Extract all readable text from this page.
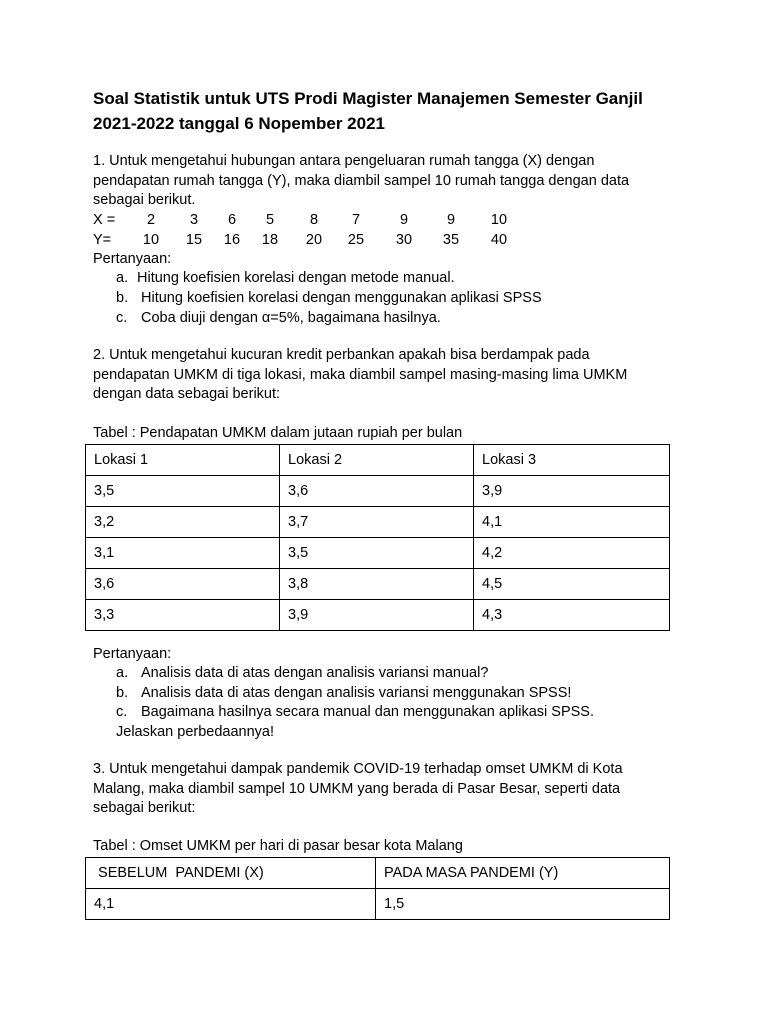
Soal Statistik untuk UTS Prodi Magister Manajemen Semester Ganjil
2021-2022 tanggal 6 Nopember 2021
1. Untuk mengetahui hubungan antara pengeluaran rumah tangga (X) dengan
pendapatan rumah tangga (Y), maka diambil sampel 10 rumah tangga dengan data
sebagai berikut.
X =	2	3	6	5	8	7	9	9	10
Y=	10	15	16	18	20	25	30	35	40
Pertanyaan:
a. Hitung koefisien korelasi dengan metode manual.
b. Hitung koefisien korelasi dengan menggunakan aplikasi SPSS
c. Coba diuji dengan α=5%, bagaimana hasilnya.
2. Untuk mengetahui kucuran kredit perbankan apakah bisa berdampak pada
pendapatan UMKM di tiga lokasi, maka diambil sampel masing-masing lima UMKM
dengan data sebagai berikut:
Tabel : Pendapatan UMKM dalam jutaan rupiah per bulan
Lokasi 1	Lokasi 2	Lokasi 3
3,5	3,6	3,9
3,2	3,7	4,1
3,1	3,5	4,2
3,6	3,8	4,5
3,3	3,9	4,3
Pertanyaan:
a. Analisis data di atas dengan analisis variansi manual?
b. Analisis data di atas dengan analisis variansi menggunakan SPSS!
c. Bagaimana hasilnya secara manual dan menggunakan aplikasi SPSS.
Jelaskan perbedaannya!
3. Untuk mengetahui dampak pandemik COVID-19 terhadap omset UMKM di Kota
Malang, maka diambil sampel 10 UMKM yang berada di Pasar Besar, seperti data
sebagai berikut:
Tabel : Omset UMKM per hari di pasar besar kota Malang
SEBELUM  PANDEMI (X)	PADA MASA PANDEMI (Y)
4,1	1,5
